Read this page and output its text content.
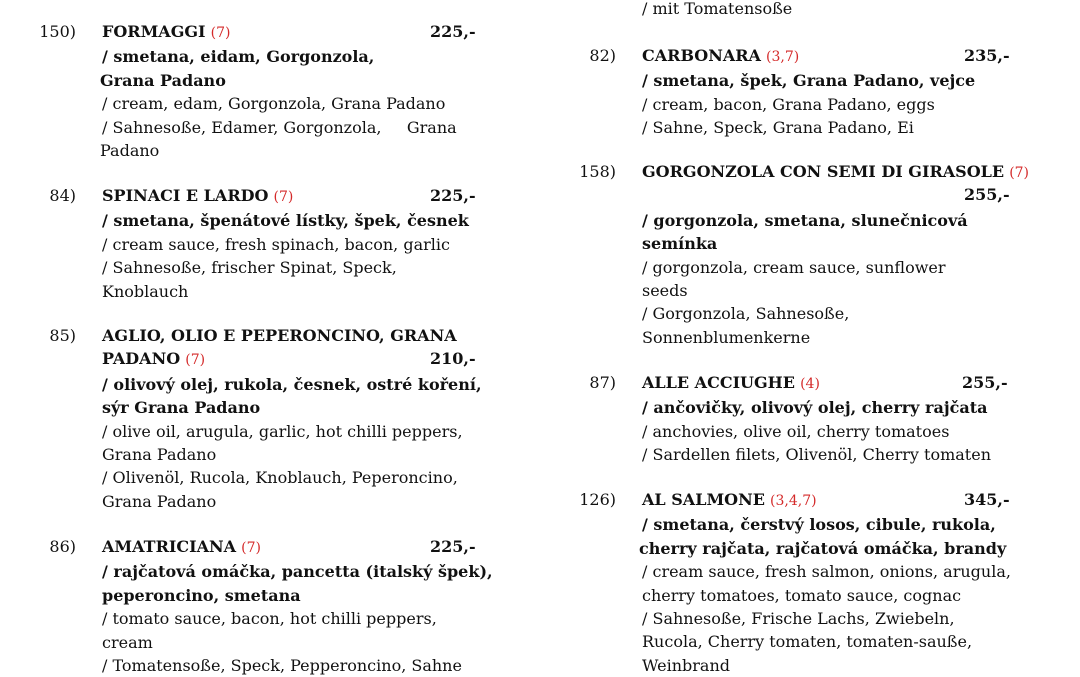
150) FORMAGGI (7)	225,-
/ smetana, eidam, Gorgonzola,
Grana Padano
/ cream, edam, Gorgonzola, Grana Padano
/ Sahnesoße, Edamer, Gorgonzola,     Grana
Padano
84) SPINACI E LARDO (7)	225,-
/ smetana, špenátové lístky, špek, česnek
/ cream sauce, fresh spinach, bacon, garlic
/ Sahnesoße, frischer Spinat, Speck,
Knoblauch
85) AGLIO, OLIO E PEPERONCINO, GRANA
PADANO (7)	210,-
/ olivový olej, rukola, česnek, ostré koření,
sýr Grana Padano
/ olive oil, arugula, garlic, hot chilli peppers,
Grana Padano
/ Olivenöl, Rucola, Knoblauch, Peperoncino,
Grana Padano
86) AMATRICIANA (7)	225,-
/ rajčatová omáčka, pancetta (italský špek),
peperoncino, smetana
/ tomato sauce, bacon, hot chilli peppers,
cream
/ Tomatensoße, Speck, Pepperoncino, Sahne
/ mit Tomatensoße
82) CARBONARA (3,7)	235,-
/ smetana, špek, Grana Padano, vejce
/ cream, bacon, Grana Padano, eggs
/ Sahne, Speck, Grana Padano, Ei
158) GORGONZOLA CON SEMI DI GIRASOLE (7)
255,-

/ gorgonzola, smetana, slunečnicová
semínka
/ gorgonzola, cream sauce, sunflower
seeds
/ Gorgonzola, Sahnesoße,
Sonnenblumenkerne
87) ALLE ACCIUGHE (4)	255,-
/ ančovičky, olivový olej, cherry rajčata
/ anchovies, olive oil, cherry tomatoes
/ Sardellen filets, Olivenöl, Cherry tomaten
126) AL SALMONE (3,4,7)	345,-
/ smetana, čerstvý losos, cibule, rukola,
cherry rajčata, rajčatová omáčka, brandy
/ cream sauce, fresh salmon, onions, arugula,
cherry tomatoes, tomato sauce, cognac
/ Sahnesoße, Frische Lachs, Zwiebeln,
Rucola, Cherry tomaten, tomaten-sauße,
Weinbrand
